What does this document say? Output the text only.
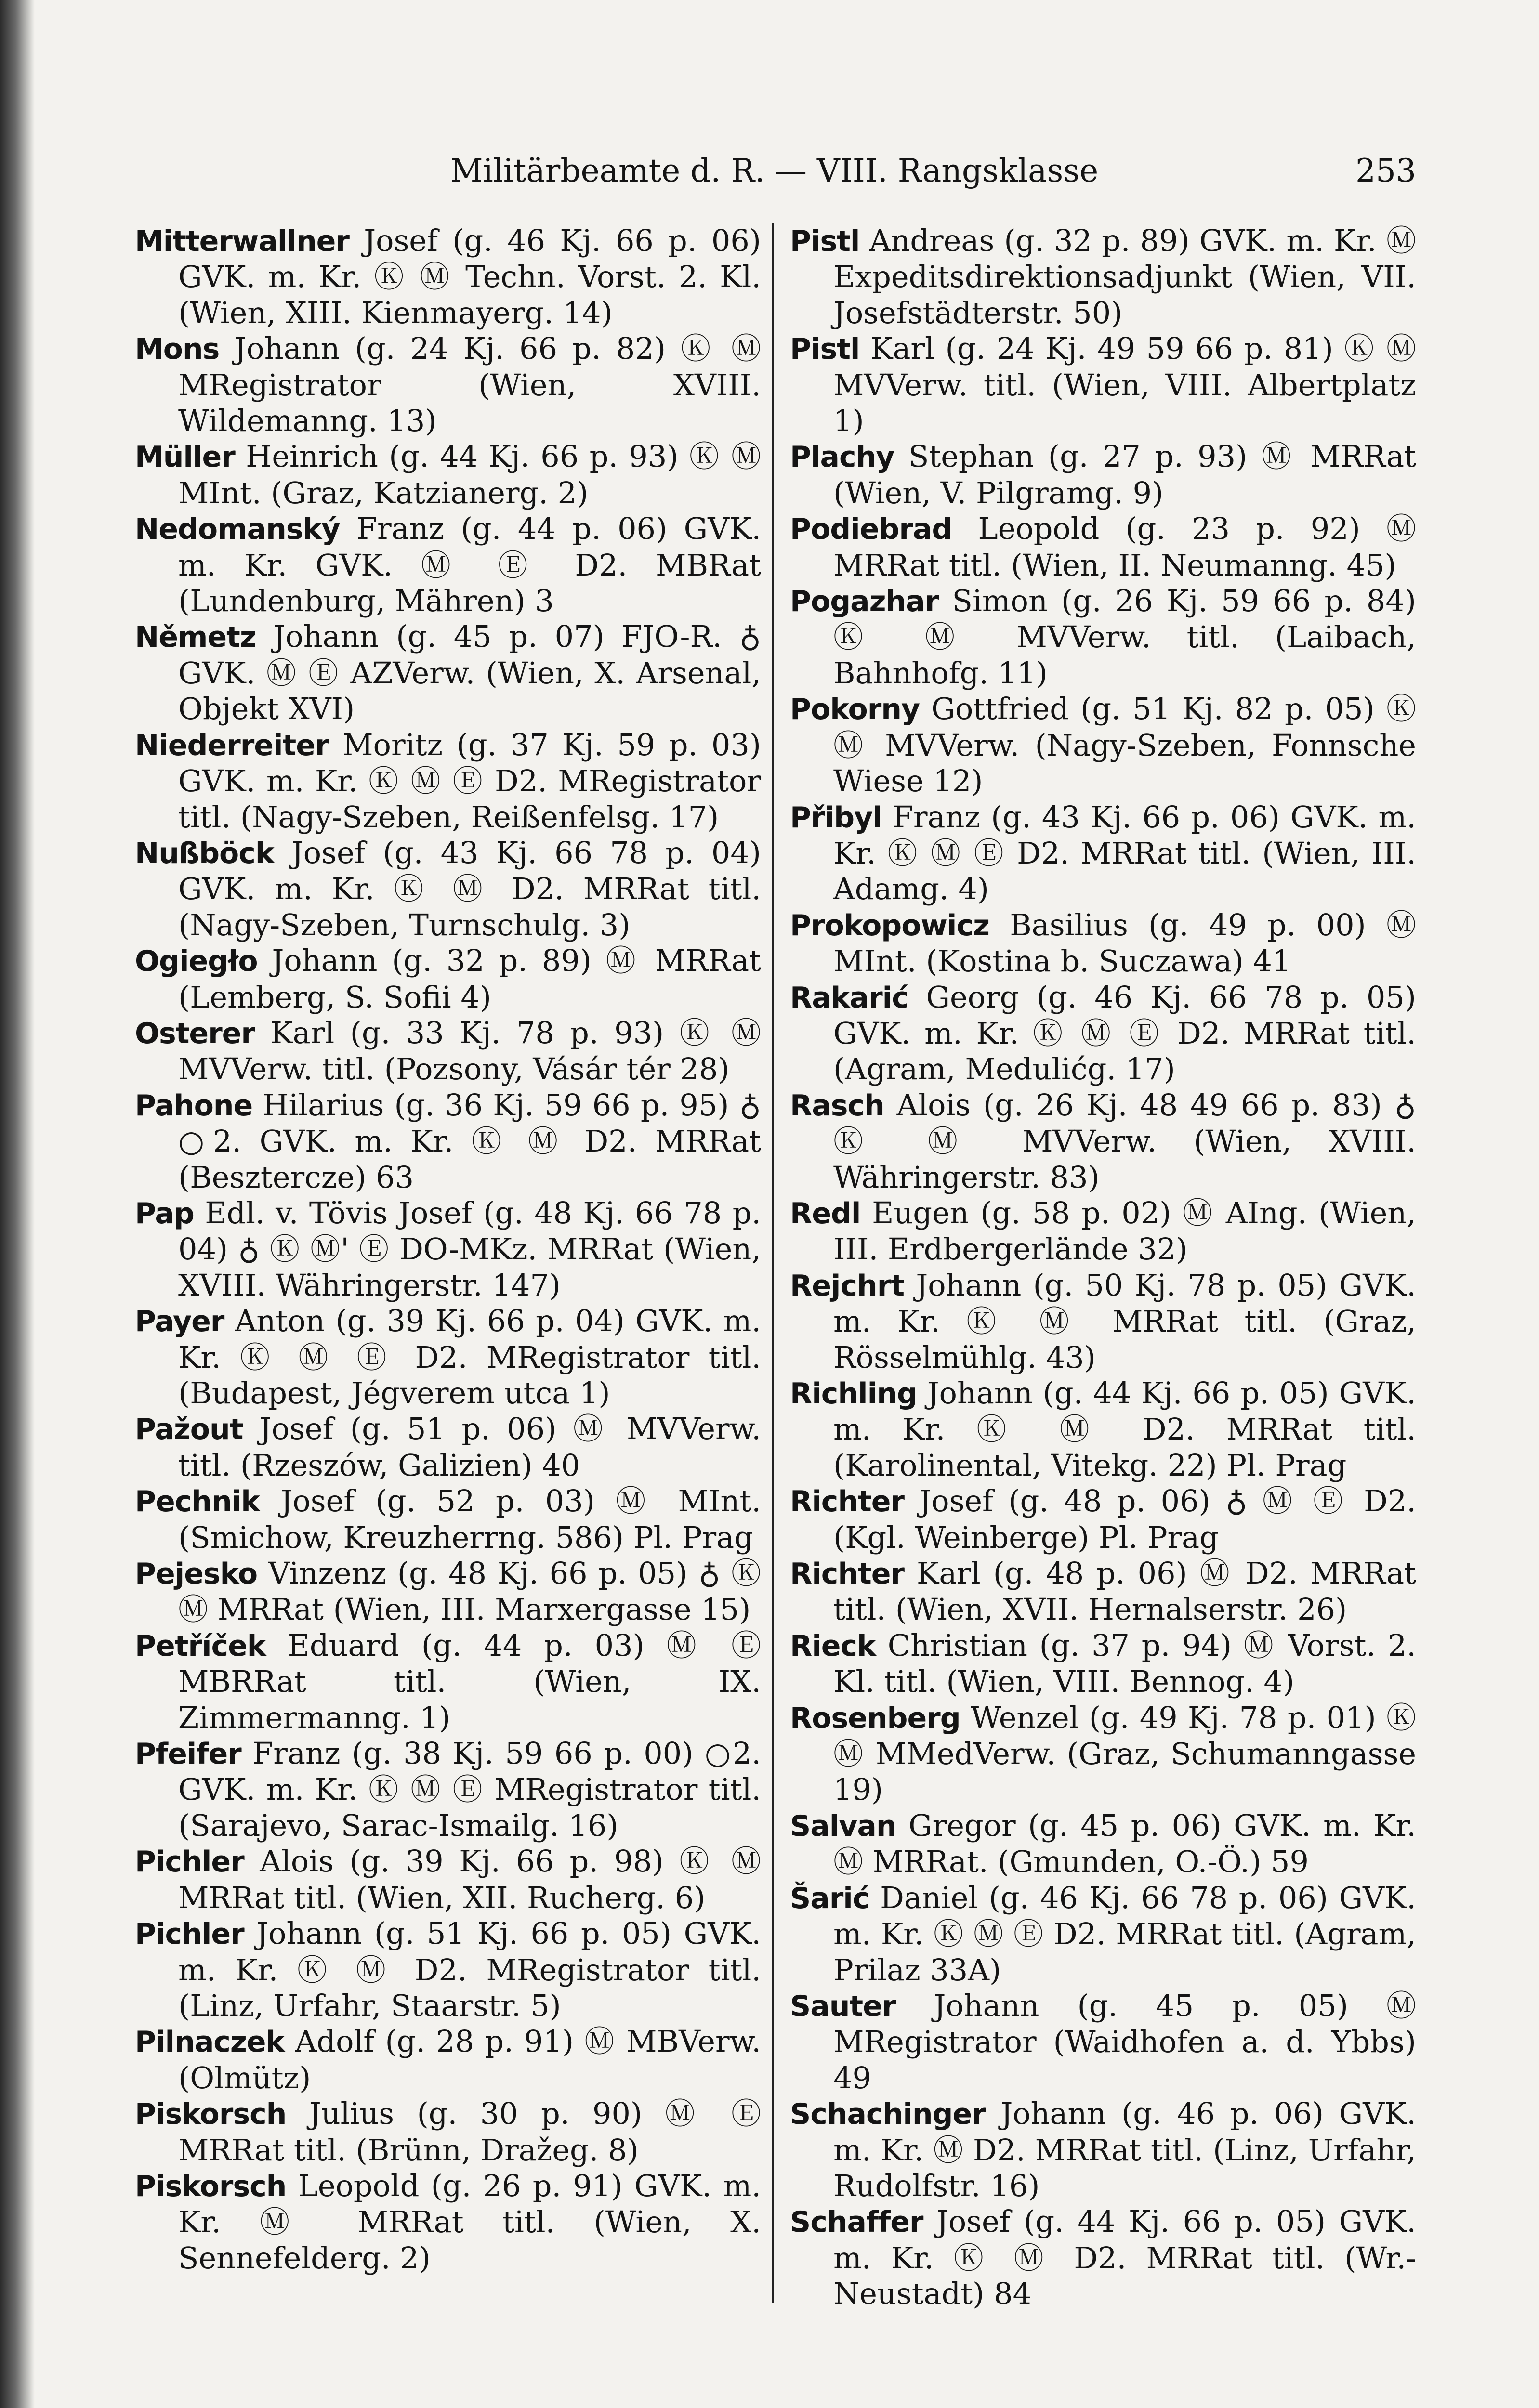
Militärbeamte d. R. — VIII. Rangsklasse	253

Mitterwallner Josef (g. 46 Kj. 66 p. 06) GVK. m. Kr. Ⓚ Ⓜ Techn. Vorst. 2. Kl. (Wien, XIII. Kienmayerg. 14)

Mons Johann (g. 24 Kj. 66 p. 82) Ⓚ Ⓜ MRegistrator (Wien, XVIII. Wildemanng. 13)

Müller Heinrich (g. 44 Kj. 66 p. 93) Ⓚ Ⓜ MInt. (Graz, Katzianerg. 2)

Nedomanský Franz (g. 44 p. 06) GVK. m. Kr. GVK. Ⓜ Ⓔ D2. MBRat (Lundenburg, Mähren) 3

Němetz Johann (g. 45 p. 07) FJO-R. ♁ GVK. Ⓜ Ⓔ AZVerw. (Wien, X. Arsenal, Objekt XVI)

Niederreiter Moritz (g. 37 Kj. 59 p. 03) GVK. m. Kr. Ⓚ Ⓜ Ⓔ D2. MRegistrator titl. (Nagy-Szeben, Reißenfelsg. 17)

Nußböck Josef (g. 43 Kj. 66 78 p. 04) GVK. m. Kr. Ⓚ Ⓜ D2. MRRat titl. (Nagy-Szeben, Turnschulg. 3)

Ogiegło Johann (g. 32 p. 89) Ⓜ MRRat (Lemberg, S. Sofii 4)

Osterer Karl (g. 33 Kj. 78 p. 93) Ⓚ Ⓜ MVVerw. titl. (Pozsony, Vásár tér 28)

Pahone Hilarius (g. 36 Kj. 59 66 p. 95) ♁ ○2. GVK. m. Kr. Ⓚ Ⓜ D2. MRRat (Besztercze) 63

Pap Edl. v. Tövis Josef (g. 48 Kj. 66 78 p. 04) ♁ Ⓚ Ⓜ' Ⓔ DO-MKz. MRRat (Wien, XVIII. Währingerstr. 147)

Payer Anton (g. 39 Kj. 66 p. 04) GVK. m. Kr. Ⓚ Ⓜ Ⓔ D2. MRegistrator titl. (Budapest, Jégverem utca 1)

Pažout Josef (g. 51 p. 06) Ⓜ MVVerw. titl. (Rzeszów, Galizien) 40

Pechnik Josef (g. 52 p. 03) Ⓜ MInt. (Smichow, Kreuzherrng. 586) Pl. Prag

Pejesko Vinzenz (g. 48 Kj. 66 p. 05) ♁ Ⓚ Ⓜ MRRat (Wien, III. Marxergasse 15)

Petříček Eduard (g. 44 p. 03) Ⓜ Ⓔ MBRRat titl. (Wien, IX. Zimmermanng. 1)

Pfeifer Franz (g. 38 Kj. 59 66 p. 00) ○2. GVK. m. Kr. Ⓚ Ⓜ Ⓔ MRegistrator titl. (Sarajevo, Sarac-Ismailg. 16)

Pichler Alois (g. 39 Kj. 66 p. 98) Ⓚ Ⓜ MRRat titl. (Wien, XII. Rucherg. 6)

Pichler Johann (g. 51 Kj. 66 p. 05) GVK. m. Kr. Ⓚ Ⓜ D2. MRegistrator titl. (Linz, Urfahr, Staarstr. 5)

Pilnaczek Adolf (g. 28 p. 91) Ⓜ MBVerw. (Olmütz)

Piskorsch Julius (g. 30 p. 90) Ⓜ Ⓔ MRRat titl. (Brünn, Dražeg. 8)

Piskorsch Leopold (g. 26 p. 91) GVK. m. Kr. Ⓜ MRRat titl. (Wien, X. Sennefelderg. 2)

Pistl Andreas (g. 32 p. 89) GVK. m. Kr. Ⓜ Expeditsdirektionsadjunkt (Wien, VII. Josefstädterstr. 50)

Pistl Karl (g. 24 Kj. 49 59 66 p. 81) Ⓚ Ⓜ MVVerw. titl. (Wien, VIII. Albertplatz 1)

Plachy Stephan (g. 27 p. 93) Ⓜ MRRat (Wien, V. Pilgramg. 9)

Podiebrad Leopold (g. 23 p. 92) Ⓜ MRRat titl. (Wien, II. Neumanng. 45)

Pogazhar Simon (g. 26 Kj. 59 66 p. 84) Ⓚ Ⓜ MVVerw. titl. (Laibach, Bahnhofg. 11)

Pokorny Gottfried (g. 51 Kj. 82 p. 05) Ⓚ Ⓜ MVVerw. (Nagy-Szeben, Fonnsche Wiese 12)

Přibyl Franz (g. 43 Kj. 66 p. 06) GVK. m. Kr. Ⓚ Ⓜ Ⓔ D2. MRRat titl. (Wien, III. Adamg. 4)

Prokopowicz Basilius (g. 49 p. 00) Ⓜ MInt. (Kostina b. Suczawa) 41

Rakarić Georg (g. 46 Kj. 66 78 p. 05) GVK. m. Kr. Ⓚ Ⓜ Ⓔ D2. MRRat titl. (Agram, Medulićg. 17)

Rasch Alois (g. 26 Kj. 48 49 66 p. 83) ♁ Ⓚ Ⓜ MVVerw. (Wien, XVIII. Währingerstr. 83)

Redl Eugen (g. 58 p. 02) Ⓜ AIng. (Wien, III. Erdbergerlände 32)

Rejchrt Johann (g. 50 Kj. 78 p. 05) GVK. m. Kr. Ⓚ Ⓜ MRRat titl. (Graz, Rösselmühlg. 43)

Richling Johann (g. 44 Kj. 66 p. 05) GVK. m. Kr. Ⓚ Ⓜ D2. MRRat titl. (Karolinental, Vitekg. 22) Pl. Prag

Richter Josef (g. 48 p. 06) ♁ Ⓜ Ⓔ D2. (Kgl. Weinberge) Pl. Prag

Richter Karl (g. 48 p. 06) Ⓜ D2. MRRat titl. (Wien, XVII. Hernalserstr. 26)

Rieck Christian (g. 37 p. 94) Ⓜ Vorst. 2. Kl. titl. (Wien, VIII. Bennog. 4)

Rosenberg Wenzel (g. 49 Kj. 78 p. 01) Ⓚ Ⓜ MMedVerw. (Graz, Schumanngasse 19)

Salvan Gregor (g. 45 p. 06) GVK. m. Kr. Ⓜ MRRat. (Gmunden, O.-Ö.) 59

Šarić Daniel (g. 46 Kj. 66 78 p. 06) GVK. m. Kr. Ⓚ Ⓜ Ⓔ D2. MRRat titl. (Agram, Prilaz 33A)

Sauter Johann (g. 45 p. 05) Ⓜ MRegistrator (Waidhofen a. d. Ybbs) 49

Schachinger Johann (g. 46 p. 06) GVK. m. Kr. Ⓜ D2. MRRat titl. (Linz, Urfahr, Rudolfstr. 16)

Schaffer Josef (g. 44 Kj. 66 p. 05) GVK. m. Kr. Ⓚ Ⓜ D2. MRRat titl. (Wr.-Neustadt) 84
